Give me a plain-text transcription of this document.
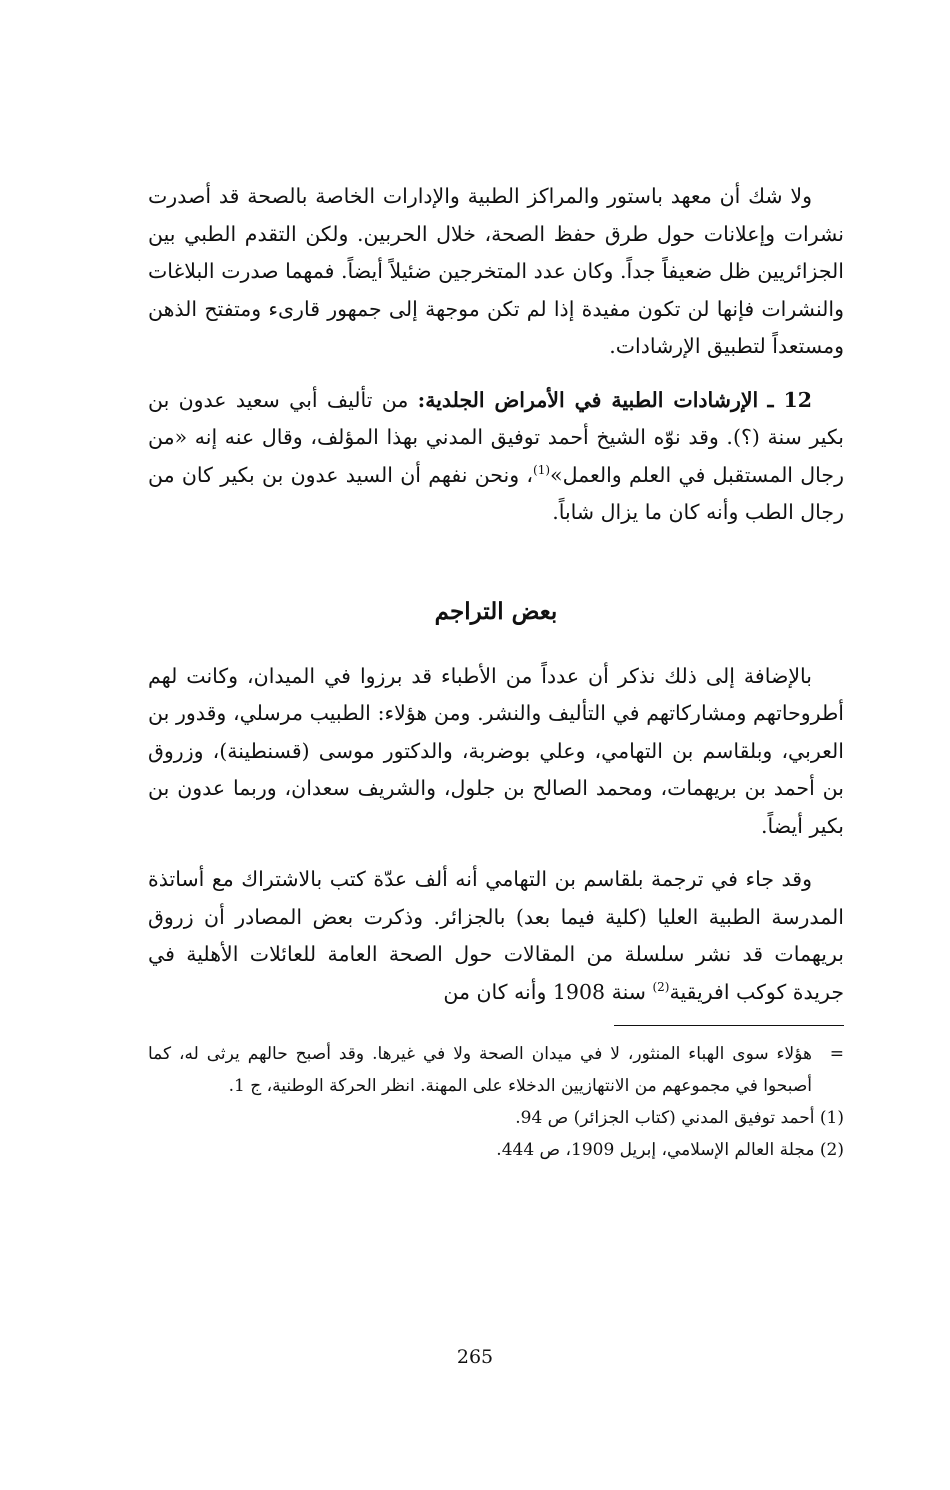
ولا شك أن معهد باستور والمراكز الطبية والإدارات الخاصة بالصحة قد أصدرت نشرات وإعلانات حول طرق حفظ الصحة، خلال الحربين. ولكن التقدم الطبي بين الجزائريين ظل ضعيفاً جداً. وكان عدد المتخرجين ضئيلاً أيضاً. فمهما صدرت البلاغات والنشرات فإنها لن تكون مفيدة إذا لم تكن موجهة إلى جمهور قارىء ومتفتح الذهن ومستعداً لتطبيق الإرشادات.

12 ـ الإرشادات الطبية في الأمراض الجلدية: من تأليف أبي سعيد عدون بن بكير سنة (؟). وقد نوّه الشيخ أحمد توفيق المدني بهذا المؤلف، وقال عنه إنه «من رجال المستقبل في العلم والعمل»$^{(1)}$، ونحن نفهم أن السيد عدون بن بكير كان من رجال الطب وأنه كان ما يزال شاباً.

بعض التراجم

بالإضافة إلى ذلك نذكر أن عدداً من الأطباء قد برزوا في الميدان، وكانت لهم أطروحاتهم ومشاركاتهم في التأليف والنشر. ومن هؤلاء: الطبيب مرسلي، وقدور بن العربي، وبلقاسم بن التهامي، وعلي بوضربة، والدكتور موسى (قسنطينة)، وزروق بن أحمد بن بريهمات، ومحمد الصالح بن جلول، والشريف سعدان، وربما عدون بن بكير أيضاً.

وقد جاء في ترجمة بلقاسم بن التهامي أنه ألف عدّة كتب بالاشتراك مع أساتذة المدرسة الطبية العليا (كلية فيما بعد) بالجزائر. وذكرت بعض المصادر أن زروق بريهمات قد نشر سلسلة من المقالات حول الصحة العامة للعائلات الأهلية في جريدة كوكب افريقية$^{(2)}$ سنة 1908 وأنه كان من

=
هؤلاء سوى الهباء المنثور، لا في ميدان الصحة ولا في غيرها. وقد أصبح حالهم يرثى له، كما أصبحوا في مجموعهم من الانتهازيين الدخلاء على المهنة. انظر الحركة الوطنية، ج 1.
(1) أحمد توفيق المدني (كتاب الجزائر) ص 94.
(2) مجلة العالم الإسلامي، إبريل 1909، ص 444.
265
